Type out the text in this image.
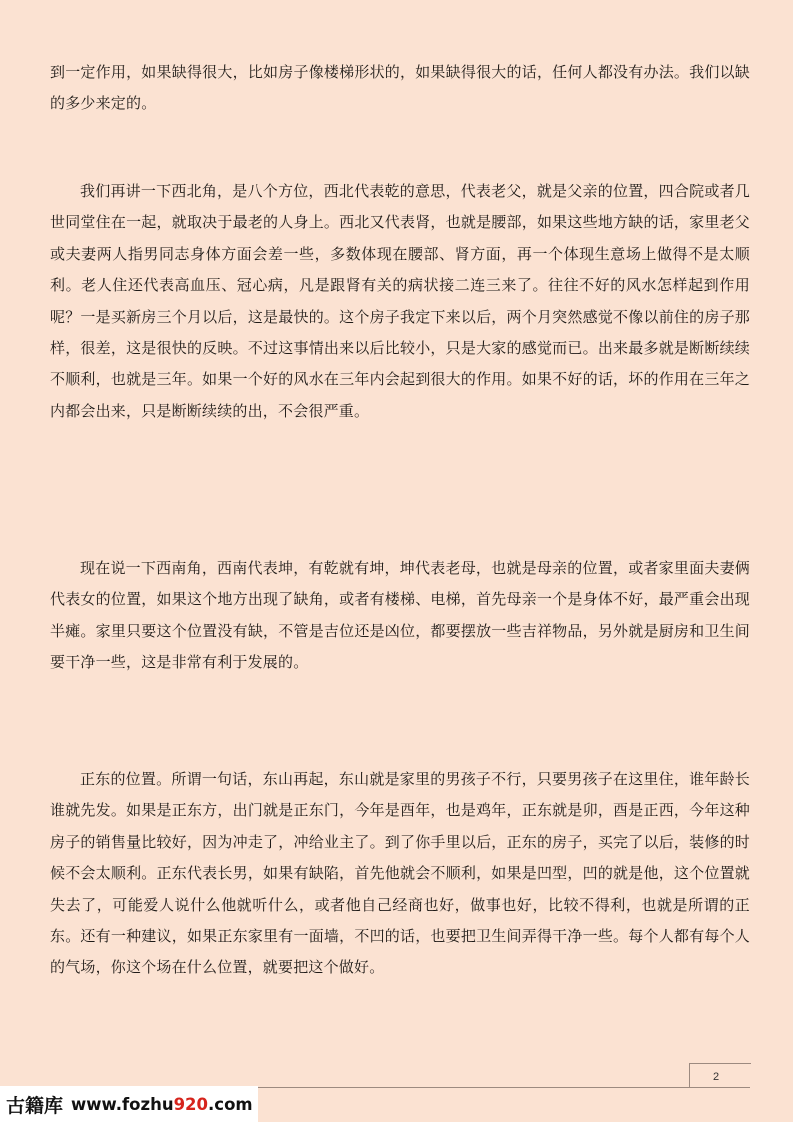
到一定作用，如果缺得很大，比如房子像楼梯形状的，如果缺得很大的话，任何人都没有办法。我们以缺的多少来定的。

我们再讲一下西北角，是八个方位，西北代表乾的意思，代表老父，就是父亲的位置，四合院或者几世同堂住在一起，就取决于最老的人身上。西北又代表肾，也就是腰部，如果这些地方缺的话，家里老父或夫妻两人指男同志身体方面会差一些，多数体现在腰部、肾方面，再一个体现生意场上做得不是太顺利。老人住还代表高血压、冠心病，凡是跟肾有关的病状接二连三来了。往往不好的风水怎样起到作用呢？一是买新房三个月以后，这是最快的。这个房子我定下来以后，两个月突然感觉不像以前住的房子那样，很差，这是很快的反映。不过这事情出来以后比较小，只是大家的感觉而已。出来最多就是断断续续不顺利，也就是三年。如果一个好的风水在三年内会起到很大的作用。如果不好的话，坏的作用在三年之内都会出来，只是断断续续的出，不会很严重。

现在说一下西南角，西南代表坤，有乾就有坤，坤代表老母，也就是母亲的位置，或者家里面夫妻俩代表女的位置，如果这个地方出现了缺角，或者有楼梯、电梯，首先母亲一个是身体不好，最严重会出现半瘫。家里只要这个位置没有缺，不管是吉位还是凶位，都要摆放一些吉祥物品，另外就是厨房和卫生间要干净一些，这是非常有利于发展的。

正东的位置。所谓一句话，东山再起，东山就是家里的男孩子不行，只要男孩子在这里住，谁年龄长谁就先发。如果是正东方，出门就是正东门，今年是酉年，也是鸡年，正东就是卯，酉是正西，今年这种房子的销售量比较好，因为冲走了，冲给业主了。到了你手里以后，正东的房子，买完了以后，装修的时候不会太顺利。正东代表长男，如果有缺陷，首先他就会不顺利，如果是凹型，凹的就是他，这个位置就失去了，可能爱人说什么他就听什么，或者他自己经商也好，做事也好，比较不得利，也就是所谓的正东。还有一种建议，如果正东家里有一面墙，不凹的话，也要把卫生间弄得干净一些。每个人都有每个人的气场，你这个场在什么位置，就要把这个做好。

2
古籍库 www.fozhu920.com
